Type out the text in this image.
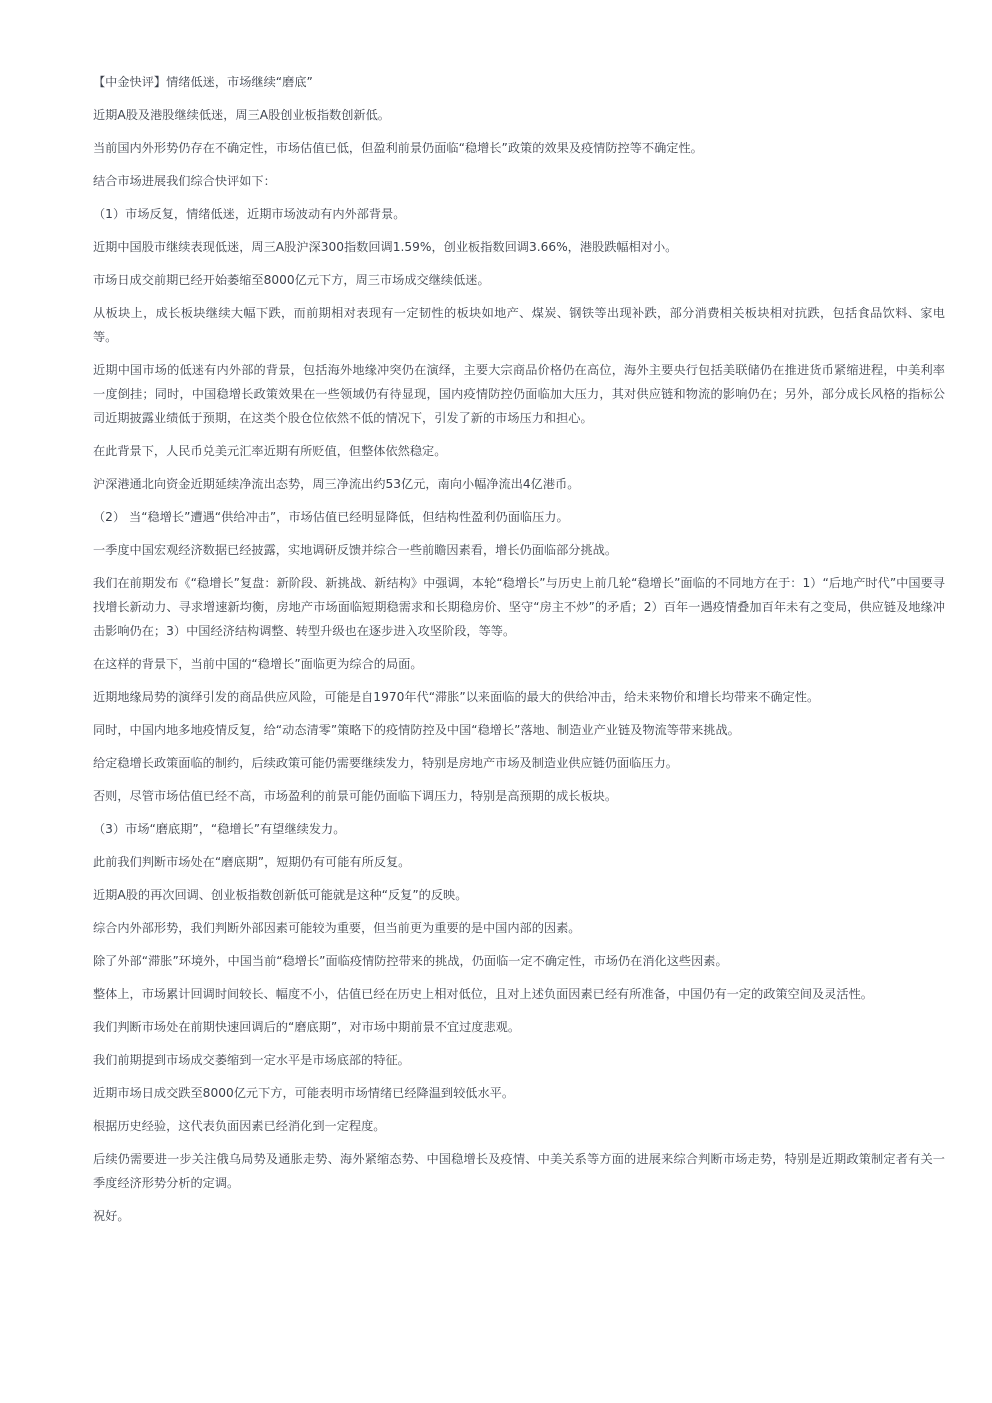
【中金快评】情绪低迷，市场继续“磨底”

近期A股及港股继续低迷，周三A股创业板指数创新低。

当前国内外形势仍存在不确定性，市场估值已低，但盈利前景仍面临“稳增长”政策的效果及疫情防控等不确定性。

结合市场进展我们综合快评如下：

（1）市场反复，情绪低迷，近期市场波动有内外部背景。

近期中国股市继续表现低迷，周三A股沪深300指数回调1.59%，创业板指数回调3.66%，港股跌幅相对小。

市场日成交前期已经开始萎缩至8000亿元下方，周三市场成交继续低迷。

从板块上，成长板块继续大幅下跌，而前期相对表现有一定韧性的板块如地产、煤炭、钢铁等出现补跌，部分消费相关板块相对抗跌，包括食品饮料、家电等。

近期中国市场的低迷有内外部的背景，包括海外地缘冲突仍在演绎，主要大宗商品价格仍在高位，海外主要央行包括美联储仍在推进货币紧缩进程，中美利率一度倒挂；同时，中国稳增长政策效果在一些领域仍有待显现，国内疫情防控仍面临加大压力，其对供应链和物流的影响仍在；另外，部分成长风格的指标公司近期披露业绩低于预期，在这类个股仓位依然不低的情况下，引发了新的市场压力和担心。

在此背景下，人民币兑美元汇率近期有所贬值，但整体依然稳定。

沪深港通北向资金近期延续净流出态势，周三净流出约53亿元，南向小幅净流出4亿港币。

（2） 当“稳增长”遭遇“供给冲击”，市场估值已经明显降低，但结构性盈利仍面临压力。

一季度中国宏观经济数据已经披露，实地调研反馈并综合一些前瞻因素看，增长仍面临部分挑战。

我们在前期发布《“稳增长”复盘：新阶段、新挑战、新结构》中强调，本轮“稳增长”与历史上前几轮“稳增长”面临的不同地方在于：1）“后地产时代”中国要寻找增长新动力、寻求增速新均衡，房地产市场面临短期稳需求和长期稳房价、坚守“房主不炒”的矛盾；2）百年一遇疫情叠加百年未有之变局，供应链及地缘冲击影响仍在；3）中国经济结构调整、转型升级也在逐步进入攻坚阶段，等等。

在这样的背景下，当前中国的“稳增长”面临更为综合的局面。

近期地缘局势的演绎引发的商品供应风险，可能是自1970年代“滞胀”以来面临的最大的供给冲击，给未来物价和增长均带来不确定性。

同时，中国内地多地疫情反复，给“动态清零”策略下的疫情防控及中国“稳增长”落地、制造业产业链及物流等带来挑战。

给定稳增长政策面临的制约，后续政策可能仍需要继续发力，特别是房地产市场及制造业供应链仍面临压力。

否则，尽管市场估值已经不高，市场盈利的前景可能仍面临下调压力，特别是高预期的成长板块。

（3）市场“磨底期”，“稳增长”有望继续发力。

此前我们判断市场处在“磨底期”，短期仍有可能有所反复。

近期A股的再次回调、创业板指数创新低可能就是这种“反复”的反映。

综合内外部形势，我们判断外部因素可能较为重要，但当前更为重要的是中国内部的因素。

除了外部“滞胀”环境外，中国当前“稳增长”面临疫情防控带来的挑战，仍面临一定不确定性，市场仍在消化这些因素。

整体上，市场累计回调时间较长、幅度不小，估值已经在历史上相对低位，且对上述负面因素已经有所准备，中国仍有一定的政策空间及灵活性。

我们判断市场处在前期快速回调后的“磨底期”，对市场中期前景不宜过度悲观。

我们前期提到市场成交萎缩到一定水平是市场底部的特征。

近期市场日成交跌至8000亿元下方，可能表明市场情绪已经降温到较低水平。

根据历史经验，这代表负面因素已经消化到一定程度。

后续仍需要进一步关注俄乌局势及通胀走势、海外紧缩态势、中国稳增长及疫情、中美关系等方面的进展来综合判断市场走势，特别是近期政策制定者有关一季度经济形势分析的定调。

祝好。
